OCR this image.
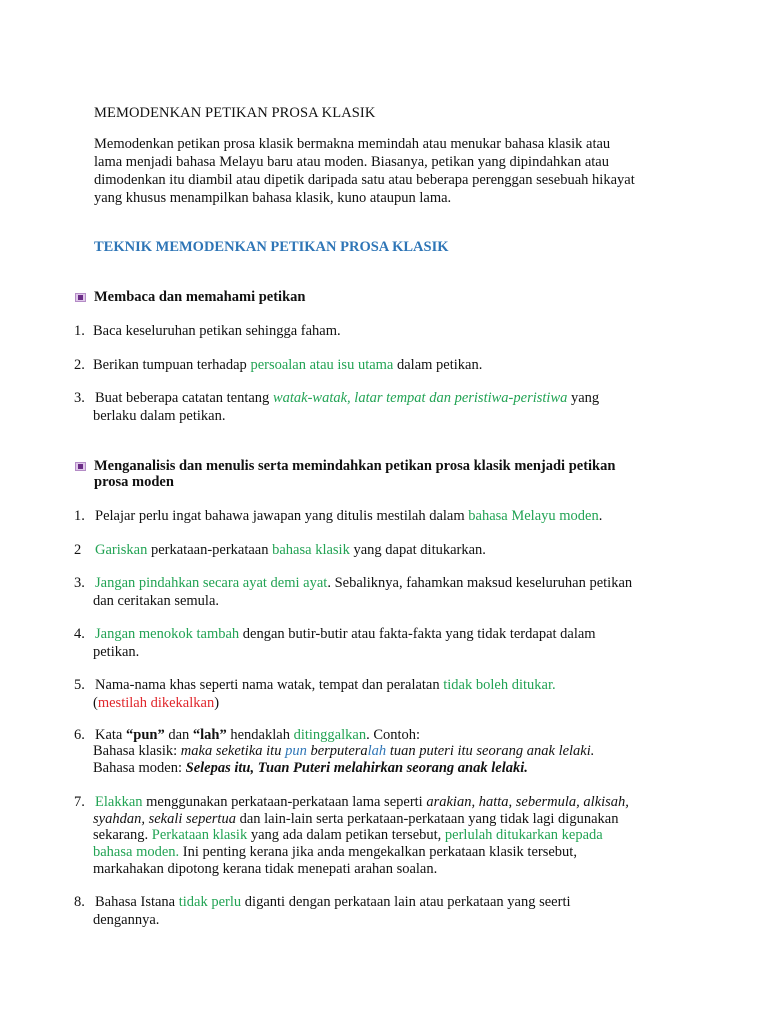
MEMODENKAN PETIKAN PROSA KLASIK
Memodenkan petikan prosa klasik bermakna memindah atau menukar bahasa klasik atau
lama menjadi bahasa Melayu baru atau moden. Biasanya, petikan yang dipindahkan atau
dimodenkan itu diambil atau dipetik daripada satu atau beberapa perenggan sesebuah hikayat
yang khusus menampilkan bahasa klasik, kuno ataupun lama.
TEKNIK MEMODENKAN PETIKAN PROSA KLASIK
Membaca dan memahami petikan
1. Baca keseluruhan petikan sehingga faham.
2. Berikan tumpuan terhadap persoalan atau isu utama dalam petikan.
3. Buat beberapa catatan tentang watak-watak, latar tempat dan peristiwa-peristiwa yang
berlaku dalam petikan.
Menganalisis dan menulis serta memindahkan petikan prosa klasik menjadi petikan
prosa moden
1. Pelajar perlu ingat bahawa jawapan yang ditulis mestilah dalam bahasa Melayu moden.
2 Gariskan perkataan-perkataan bahasa klasik yang dapat ditukarkan.
3. Jangan pindahkan secara ayat demi ayat. Sebaliknya, fahamkan maksud keseluruhan petikan
dan ceritakan semula.
4. Jangan menokok tambah dengan butir-butir atau fakta-fakta yang tidak terdapat dalam
petikan.
5. Nama-nama khas seperti nama watak, tempat dan peralatan tidak boleh ditukar.
(mestilah dikekalkan)
6. Kata “pun” dan “lah” hendaklah ditinggalkan. Contoh:
Bahasa klasik: maka seketika itu pun berputeralah tuan puteri itu seorang anak lelaki.
Bahasa moden: Selepas itu, Tuan Puteri melahirkan seorang anak lelaki.
7. Elakkan menggunakan perkataan-perkataan lama seperti arakian, hatta, sebermula, alkisah,
syahdan, sekali sepertua dan lain-lain serta perkataan-perkataan yang tidak lagi digunakan
sekarang. Perkataan klasik yang ada dalam petikan tersebut, perlulah ditukarkan kepada
bahasa moden. Ini penting kerana jika anda mengekalkan perkataan klasik tersebut,
markahakan dipotong kerana tidak menepati arahan soalan.
8. Bahasa Istana tidak perlu diganti dengan perkataan lain atau perkataan yang seerti
dengannya.
